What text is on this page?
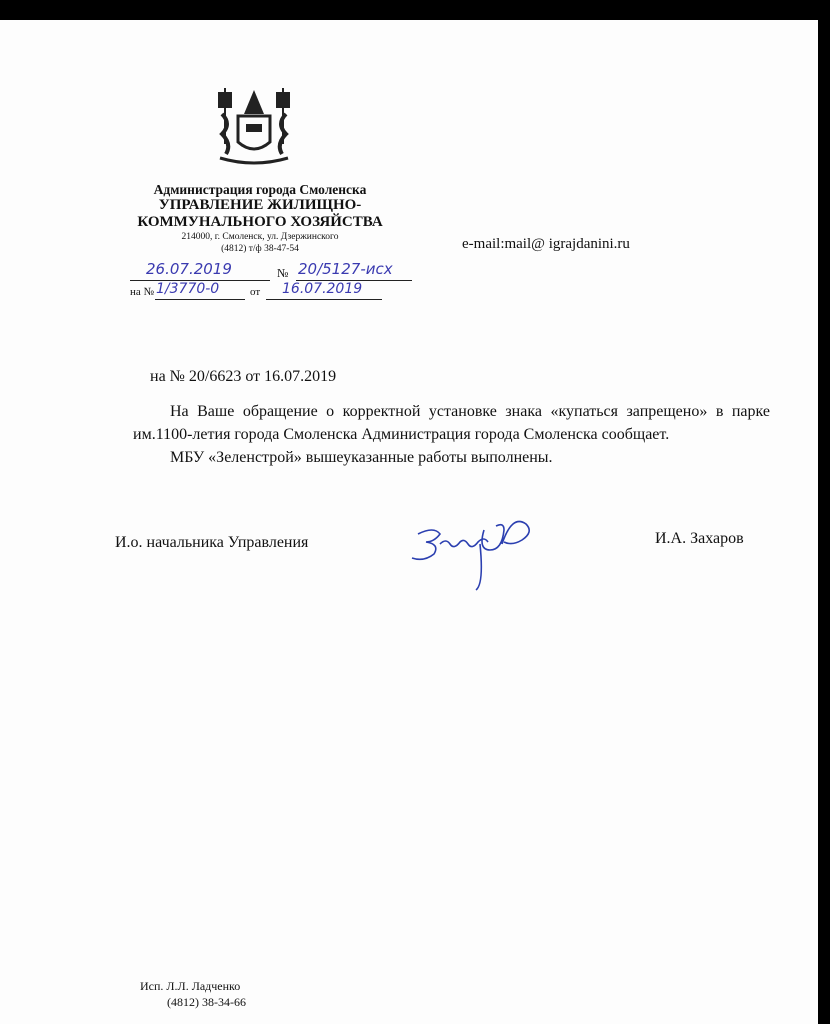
Администрация города Смоленска
УПРАВЛЕНИЕ ЖИЛИЩНО-
КОММУНАЛЬНОГО ХОЗЯЙСТВА
214000, г. Смоленск, ул. Дзержинского
(4812) т/ф 38-47-54	e-mail:mail@ igrajdanini.ru
26.07.2019	№ 20/5127-исх
на № 1/3770-0	от 16.07.2019
на № 20/6623 от 16.07.2019

На Ваше обращение о корректной установке знака «купаться запрещено» в парке им.1100-летия города Смоленска Администрация города Смоленска сообщает.

МБУ «Зеленстрой» вышеуказанные работы выполнены.

И.о. начальника Управления	И.А. Захаров
Исп. Л.Л. Ладченко
(4812) 38-34-66
